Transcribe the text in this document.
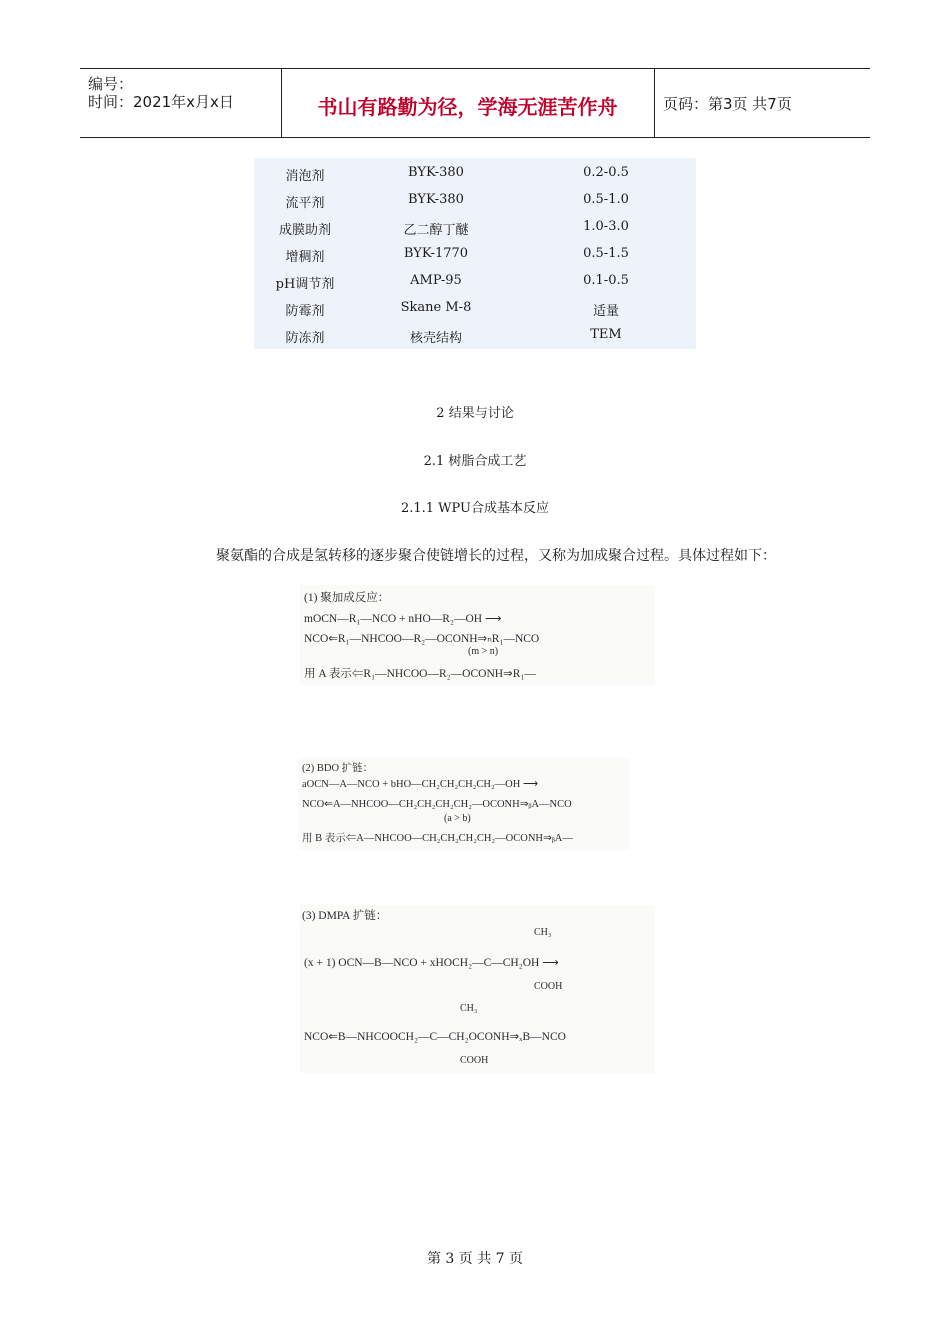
编号：
时间：2021年x月x日	书山有路勤为径，学海无涯苦作舟	页码：第3页 共7页
消泡剂	BYK-380	0.2-0.5
流平剂	BYK-380	0.5-1.0
成膜助剂	乙二醇丁醚	1.0-3.0
增稠剂	BYK-1770	0.5-1.5
pH调节剂	AMP-95	0.1-0.5
防霉剂	Skane M-8	适量
防冻剂	核壳结构	TEM
2 结果与讨论
2.1 树脂合成工艺
2.1.1 WPU合成基本反应
聚氨酯的合成是氢转移的逐步聚合使链增长的过程，又称为加成聚合过程。具体过程如下：
(1) 聚加成反应：
mOCN—R₁—NCO + nHO—R₂—OH ⟶
NCO⇐R₁—NHCOO—R₂—OCONH⇒ₙR₁—NCO
(m > n)
用 A 表示⇐R₁—NHCOO—R₂—OCONH⇒R₁—
(2) BDO 扩链：
aOCN—A—NCO + bHO—CH₂CH₂CH₂CH₂—OH ⟶
NCO⇐A—NHCOO—CH₂CH₂CH₂CH₂—OCONH⇒ᵦA—NCO
(a > b)
用 B 表示⇐A—NHCOO—CH₂CH₂CH₂CH₂—OCONH⇒ᵦA—
(3) DMPA 扩链：
CH₃
(x + 1) OCN—B—NCO + xHOCH₂—C—CH₂OH ⟶
COOH
CH₃
NCO⇐B—NHCOOCH₂—C—CH₂OCONH⇒ₓB—NCO
COOH
第 3 页 共 7 页
